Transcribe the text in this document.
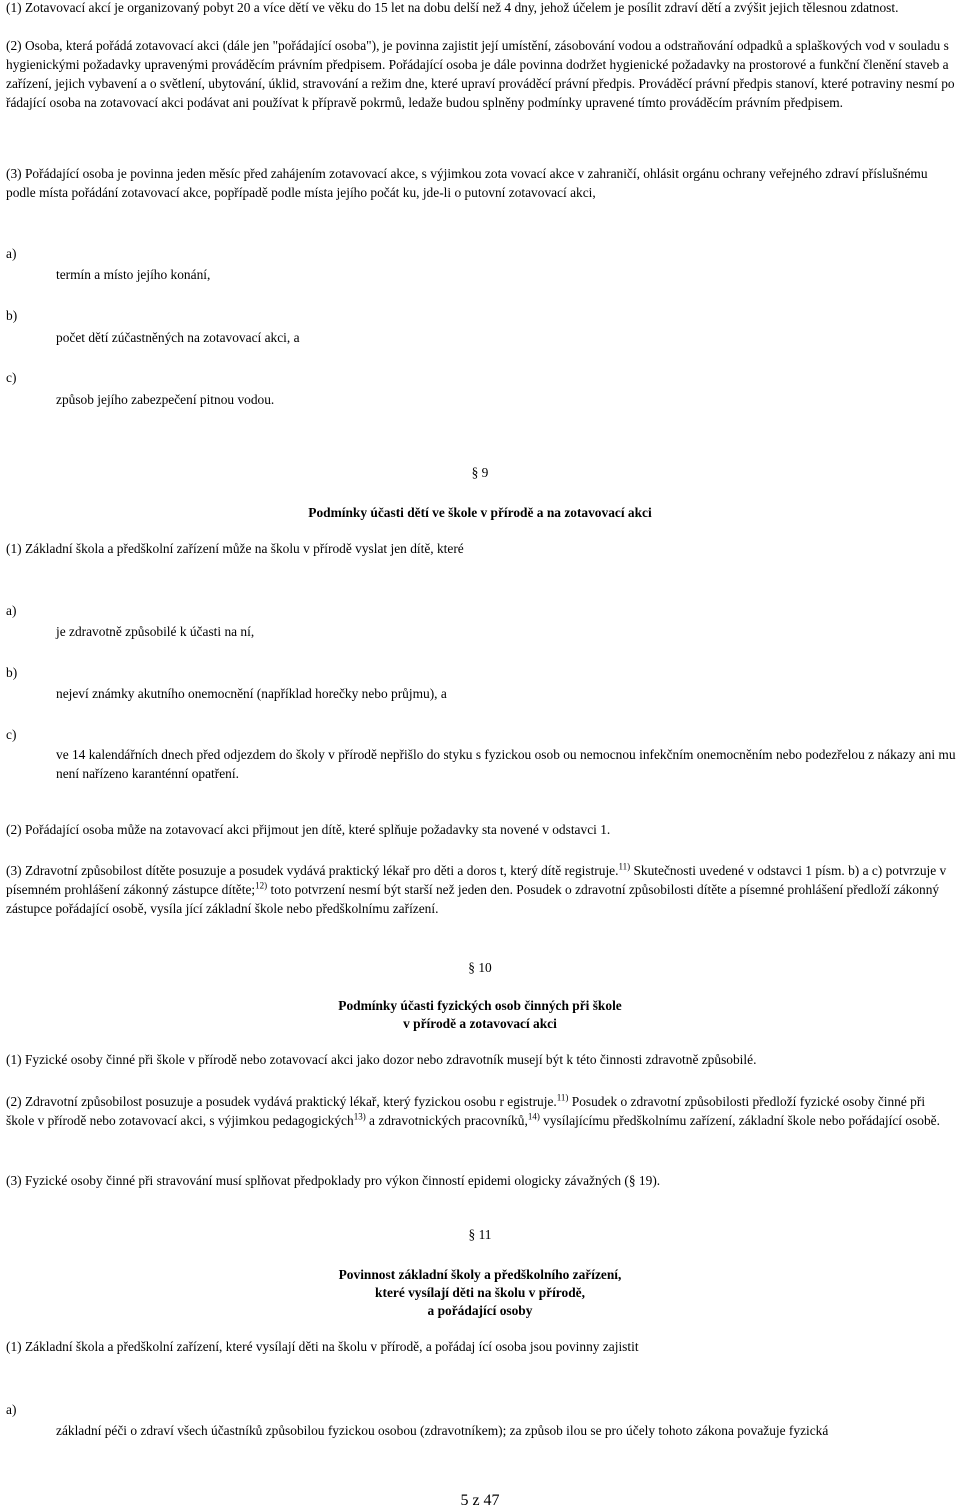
(1) Zotavovací akcí je organizovaný pobyt 20 a více dětí ve věku do 15 let na dobu delší než 4 dny, jehož účelem je posílit zdraví dětí a zvýšit jejich tělesnou zdatnost.

(2) Osoba, která pořádá zotavovací akci (dále jen "pořádající osoba"), je povinna zajistit její umístění, zásobování vodou a odstraňování odpadků a splaškových vod v souladu s hygienickými požadavky upravenými prováděcím právním předpisem. Pořádající osoba je dále povinna dodržet hygienické požadavky na prostorové a funkční členění staveb a zařízení, jejich vybavení a o světlení, ubytování, úklid, stravování a režim dne, které upraví prováděcí právní předpis. Prováděcí právní předpis stanoví, které potraviny nesmí po řádající osoba na zotavovací akci podávat ani používat k přípravě pokrmů, ledaže budou splněny podmínky upravené tímto prováděcím právním předpisem.

(3) Pořádající osoba je povinna jeden měsíc před zahájením zotavovací akce, s výjimkou zota vovací akce v zahraničí, ohlásit orgánu ochrany veřejného zdraví příslušnému podle místa pořádání zotavovací akce, popřípadě podle místa jejího počát ku, jde-li o putovní zotavovací akci,

a)
termín a místo jejího konání,
b)
počet dětí zúčastněných na zotavovací akci, a
c)
způsob jejího zabezpečení pitnou vodou.
§ 9
Podmínky účasti dětí ve škole v přírodě a na zotavovací akci

(1) Základní škola a předškolní zařízení může na školu v přírodě vyslat jen dítě, které

a)
je zdravotně způsobilé k účasti na ní,
b)
nejeví známky akutního onemocnění (například horečky nebo průjmu), a
c)
ve 14 kalendářních dnech před odjezdem do školy v přírodě nepřišlo do styku s fyzickou osob ou nemocnou infekčním onemocněním nebo podezřelou z nákazy ani mu není nařízeno karanténní opatření.

(2) Pořádající osoba může na zotavovací akci přijmout jen dítě, které splňuje požadavky sta novené v odstavci 1.

(3) Zdravotní způsobilost dítěte posuzuje a posudek vydává praktický lékař pro děti a doros t, který dítě registruje.$^{11)}$ Skutečnosti uvedené v odstavci 1 písm. b) a c) potvrzuje v písemném prohlášení zákonný zástupce dítěte;$^{12)}$ toto potvrzení nesmí být starší než jeden den. Posudek o zdravotní způsobilosti dítěte a písemné prohlášení předloží zákonný zástupce pořádající osobě, vysíla jící základní škole nebo předškolnímu zařízení.

§ 10
Podmínky účasti fyzických osob činných při škole
v přírodě a zotavovací akci

(1) Fyzické osoby činné při škole v přírodě nebo zotavovací akci jako dozor nebo zdravotník musejí být k této činnosti zdravotně způsobilé.

(2) Zdravotní způsobilost posuzuje a posudek vydává praktický lékař, který fyzickou osobu r egistruje.$^{11)}$ Posudek o zdravotní způsobilosti předloží fyzické osoby činné při škole v přírodě nebo zotavovací akci, s výjimkou pedagogických$^{13)}$ a zdravotnických pracovníků,$^{14)}$ vysílajícímu předškolnímu zařízení, základní škole nebo pořádající osobě.

(3) Fyzické osoby činné při stravování musí splňovat předpoklady pro výkon činností epidemi ologicky závažných (§ 19).

§ 11
Povinnost základní školy a předškolního zařízení,
které vysílají děti na školu v přírodě,
a pořádající osoby

(1) Základní škola a předškolní zařízení, které vysílají děti na školu v přírodě, a pořádaj ící osoba jsou povinny zajistit

a)
základní péči o zdraví všech účastníků způsobilou fyzickou osobou (zdravotníkem); za způsob ilou se pro účely tohoto zákona považuje fyzická
5 z 47
